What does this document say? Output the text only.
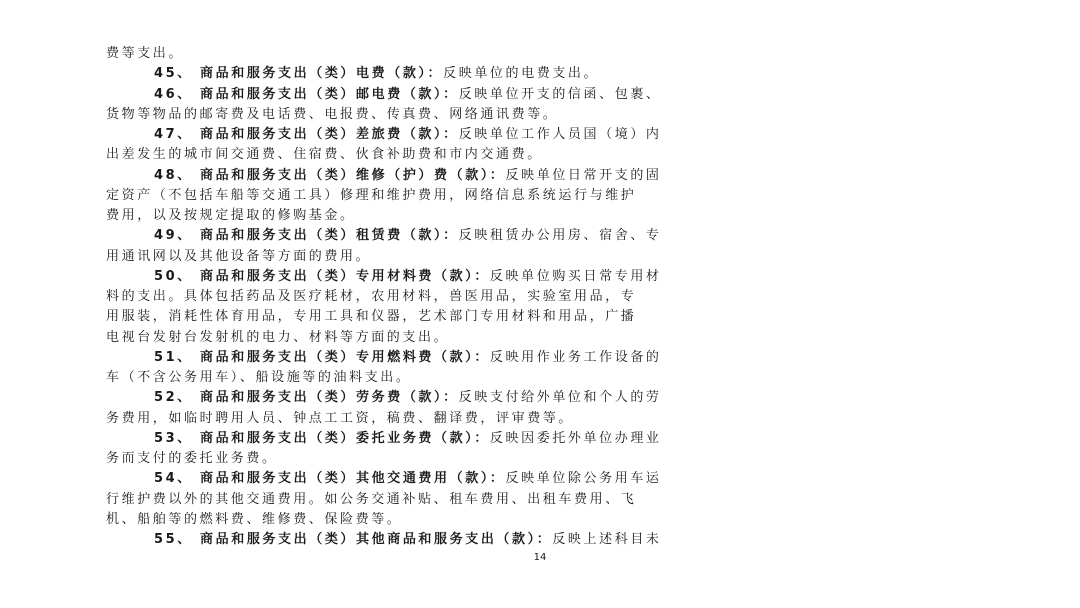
费等支出。
45、 商品和服务支出（类）电费（款）：反映单位的电费支出。
46、 商品和服务支出（类）邮电费（款）：反映单位开支的信函、包裹、
货物等物品的邮寄费及电话费、电报费、传真费、网络通讯费等。
47、 商品和服务支出（类）差旅费（款）：反映单位工作人员国（境）内
出差发生的城市间交通费、住宿费、伙食补助费和市内交通费。
48、 商品和服务支出（类）维修（护）费（款）：反映单位日常开支的固
定资产（不包括车船等交通工具）修理和维护费用，网络信息系统运行与维护
费用，以及按规定提取的修购基金。
49、 商品和服务支出（类）租赁费（款）：反映租赁办公用房、宿舍、专
用通讯网以及其他设备等方面的费用。
50、 商品和服务支出（类）专用材料费（款）：反映单位购买日常专用材
料的支出。具体包括药品及医疗耗材，农用材料，兽医用品，实验室用品，专
用服装，消耗性体育用品，专用工具和仪器，艺术部门专用材料和用品，广播
电视台发射台发射机的电力、材料等方面的支出。
51、 商品和服务支出（类）专用燃料费（款）：反映用作业务工作设备的
车（不含公务用车）、船设施等的油料支出。
52、 商品和服务支出（类）劳务费（款）：反映支付给外单位和个人的劳
务费用，如临时聘用人员、钟点工工资，稿费、翻译费，评审费等。
53、 商品和服务支出（类）委托业务费（款）：反映因委托外单位办理业
务而支付的委托业务费。
54、 商品和服务支出（类）其他交通费用（款）：反映单位除公务用车运
行维护费以外的其他交通费用。如公务交通补贴、租车费用、出租车费用、飞
机、船舶等的燃料费、维修费、保险费等。
55、 商品和服务支出（类）其他商品和服务支出（款）：反映上述科目未
14
